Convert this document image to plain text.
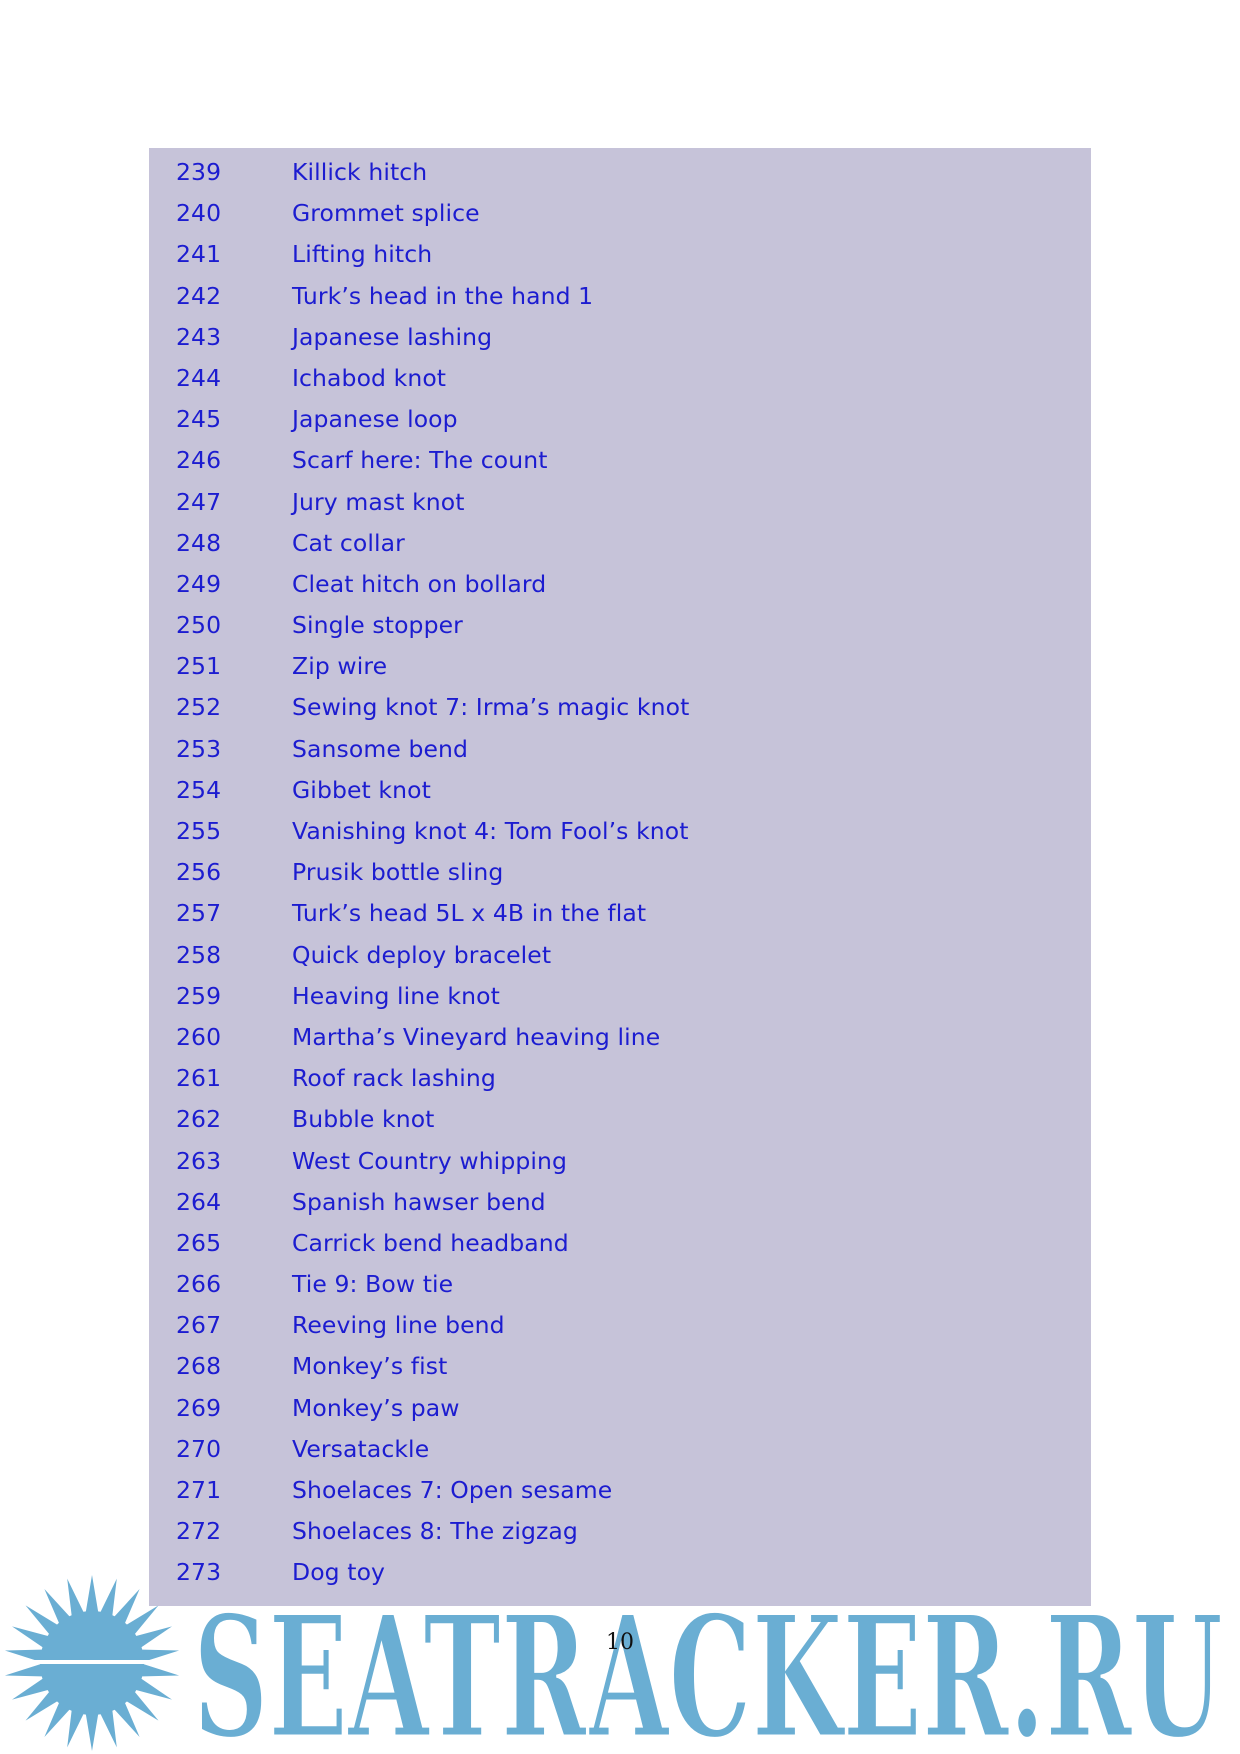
239	Killick hitch
240	Grommet splice
241	Lifting hitch
242	Turk’s head in the hand 1
243	Japanese lashing
244	Ichabod knot
245	Japanese loop
246	Scarf here: The count
247	Jury mast knot
248	Cat collar
249	Cleat hitch on bollard
250	Single stopper
251	Zip wire
252	Sewing knot 7: Irma’s magic knot
253	Sansome bend
254	Gibbet knot
255	Vanishing knot 4: Tom Fool’s knot
256	Prusik bottle sling
257	Turk’s head 5L x 4B in the flat
258	Quick deploy bracelet
259	Heaving line knot
260	Martha’s Vineyard heaving line
261	Roof rack lashing
262	Bubble knot
263	West Country whipping
264	Spanish hawser bend
265	Carrick bend headband
266	Tie 9: Bow tie
267	Reeving line bend
268	Monkey’s fist
269	Monkey’s paw
270	Versatackle
271	Shoelaces 7: Open sesame
272	Shoelaces 8: The zigzag
273	Dog toy
SEATRACKER.RU
10
